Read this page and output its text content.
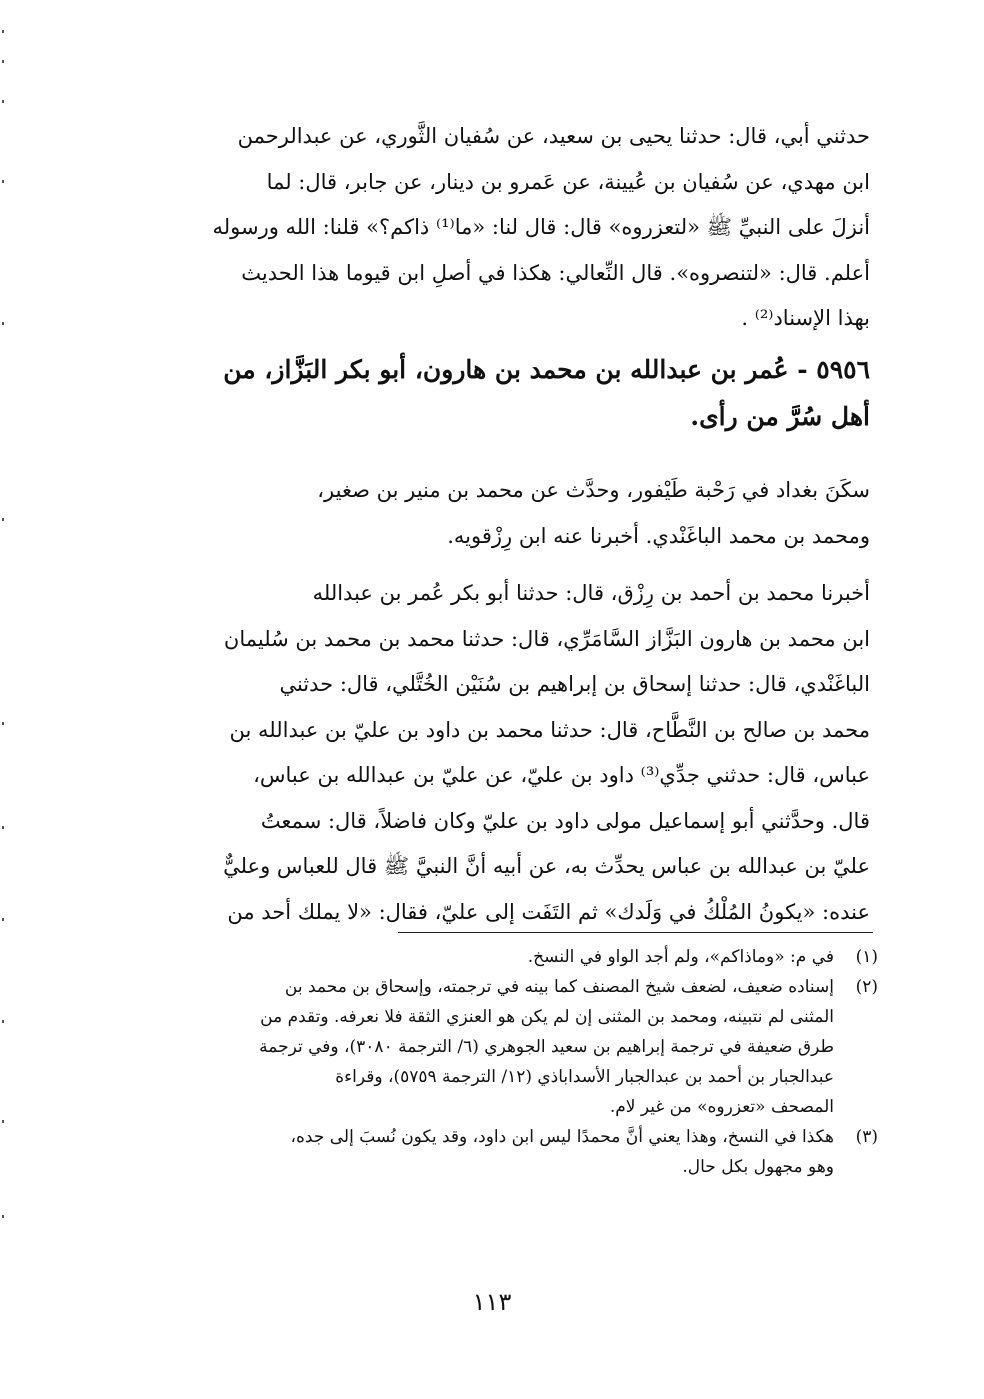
حدثني أبي، قال: حدثنا يحيى بن سعيد، عن سُفيان الثَّوري، عن عبدالرحمن
ابن مهدي، عن سُفيان بن عُيينة، عن عَمرو بن دينار، عن جابر، قال: لما
أنزلَ على النبيِّ ﷺ «لتعزروه» قال: قال لنا: «ما⁽¹⁾ ذاكم؟» قلنا: الله ورسوله
أعلم. قال: «لتنصروه». قال النِّعالي: هكذا في أصلِ ابن قيوما هذا الحديث
بهذا الإسناد⁽²⁾ .
٥٩٥٦ - عُمر بن عبدالله بن محمد بن هارون، أبو بكر البَزَّاز، من
أهل سُرَّ من رأى.
سكَنَ بغداد في رَحْبة طَيْفور، وحدَّث عن محمد بن منير بن صغير،
ومحمد بن محمد الباغَنْدي. أخبرنا عنه ابن رِزْقويه.
أخبرنا محمد بن أحمد بن رِزْق، قال: حدثنا أبو بكر عُمر بن عبدالله
ابن محمد بن هارون البَزَّاز السَّامَرِّي، قال: حدثنا محمد بن محمد بن سُليمان
الباغَنْدي، قال: حدثنا إسحاق بن إبراهيم بن سُنَيْن الخُتَّلي، قال: حدثني
محمد بن صالح بن النَّطَّاح، قال: حدثنا محمد بن داود بن عليّ بن عبدالله بن
عباس، قال: حدثني جدِّي⁽³⁾ داود بن عليّ، عن عليّ بن عبدالله بن عباس،
قال. وحدَّثني أبو إسماعيل مولى داود بن عليّ وكان فاضلاً، قال: سمعتُ
عليّ بن عبدالله بن عباس يحدِّث به، عن أبيه أنَّ النبيَّ ﷺ قال للعباس وعليٌّ
عنده: «يكونُ المُلْكُ في وَلَدك» ثم التَفَت إلى عليّ، فقال: «لا يملك أحد من
(١)
في م: «وماذاكم»، ولم أجد الواو في النسخ.
(٢)
إسناده ضعيف، لضعف شيخ المصنف كما بينه في ترجمته، وإسحاق بن محمد بن
المثنى لم نتبينه، ومحمد بن المثنى إن لم يكن هو العنزي الثقة فلا نعرفه. وتقدم من
طرق ضعيفة في ترجمة إبراهيم بن سعيد الجوهري (٦/ الترجمة ٣٠٨٠)، وفي ترجمة
عبدالجبار بن أحمد بن عبدالجبار الأسداباذي (١٢/ الترجمة ٥٧٥٩)، وقراءة
المصحف «تعزروه» من غير لام.
(٣)
هكذا في النسخ، وهذا يعني أنَّ محمدًا ليس ابن داود، وقد يكون نُسبَ إلى جده،
وهو مجهول بكل حال.
١١٣
